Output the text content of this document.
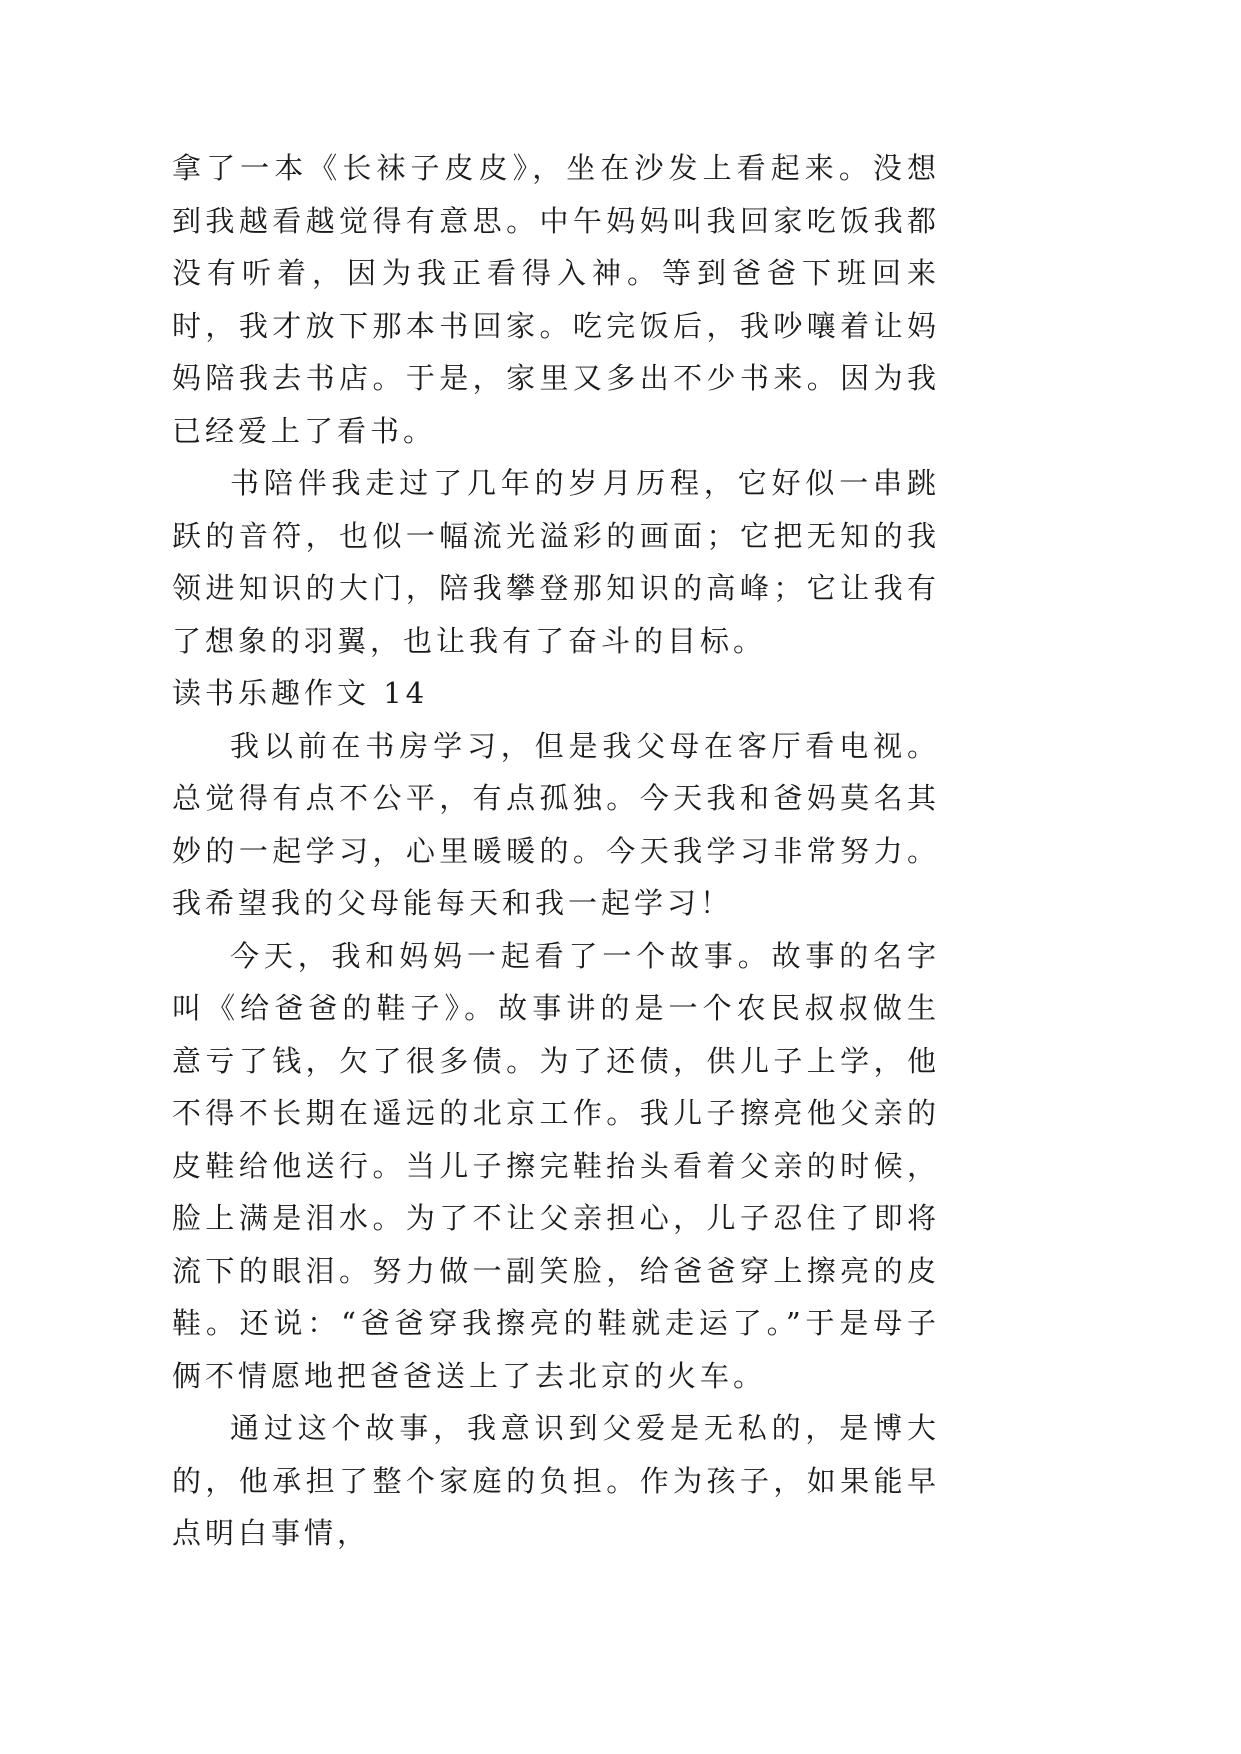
拿了一本《长袜子皮皮》，坐在沙发上看起来。没想到我越看越觉得有意思。中午妈妈叫我回家吃饭我都没有听着，因为我正看得入神。等到爸爸下班回来时，我才放下那本书回家。吃完饭后，我吵嚷着让妈妈陪我去书店。于是，家里又多出不少书来。因为我已经爱上了看书。

书陪伴我走过了几年的岁月历程，它好似一串跳跃的音符，也似一幅流光溢彩的画面；它把无知的我领进知识的大门，陪我攀登那知识的高峰；它让我有了想象的羽翼，也让我有了奋斗的目标。

读书乐趣作文 14

我以前在书房学习，但是我父母在客厅看电视。总觉得有点不公平，有点孤独。今天我和爸妈莫名其妙的一起学习，心里暖暖的。今天我学习非常努力。我希望我的父母能每天和我一起学习！

今天，我和妈妈一起看了一个故事。故事的名字叫《给爸爸的鞋子》。故事讲的是一个农民叔叔做生意亏了钱，欠了很多债。为了还债，供儿子上学，他不得不长期在遥远的北京工作。我儿子擦亮他父亲的皮鞋给他送行。当儿子擦完鞋抬头看着父亲的时候，脸上满是泪水。为了不让父亲担心，儿子忍住了即将流下的眼泪。努力做一副笑脸，给爸爸穿上擦亮的皮鞋。还说：“爸爸穿我擦亮的鞋就走运了。”于是母子俩不情愿地把爸爸送上了去北京的火车。

通过这个故事，我意识到父爱是无私的，是博大的，他承担了整个家庭的负担。作为孩子，如果能早点明白事情，
